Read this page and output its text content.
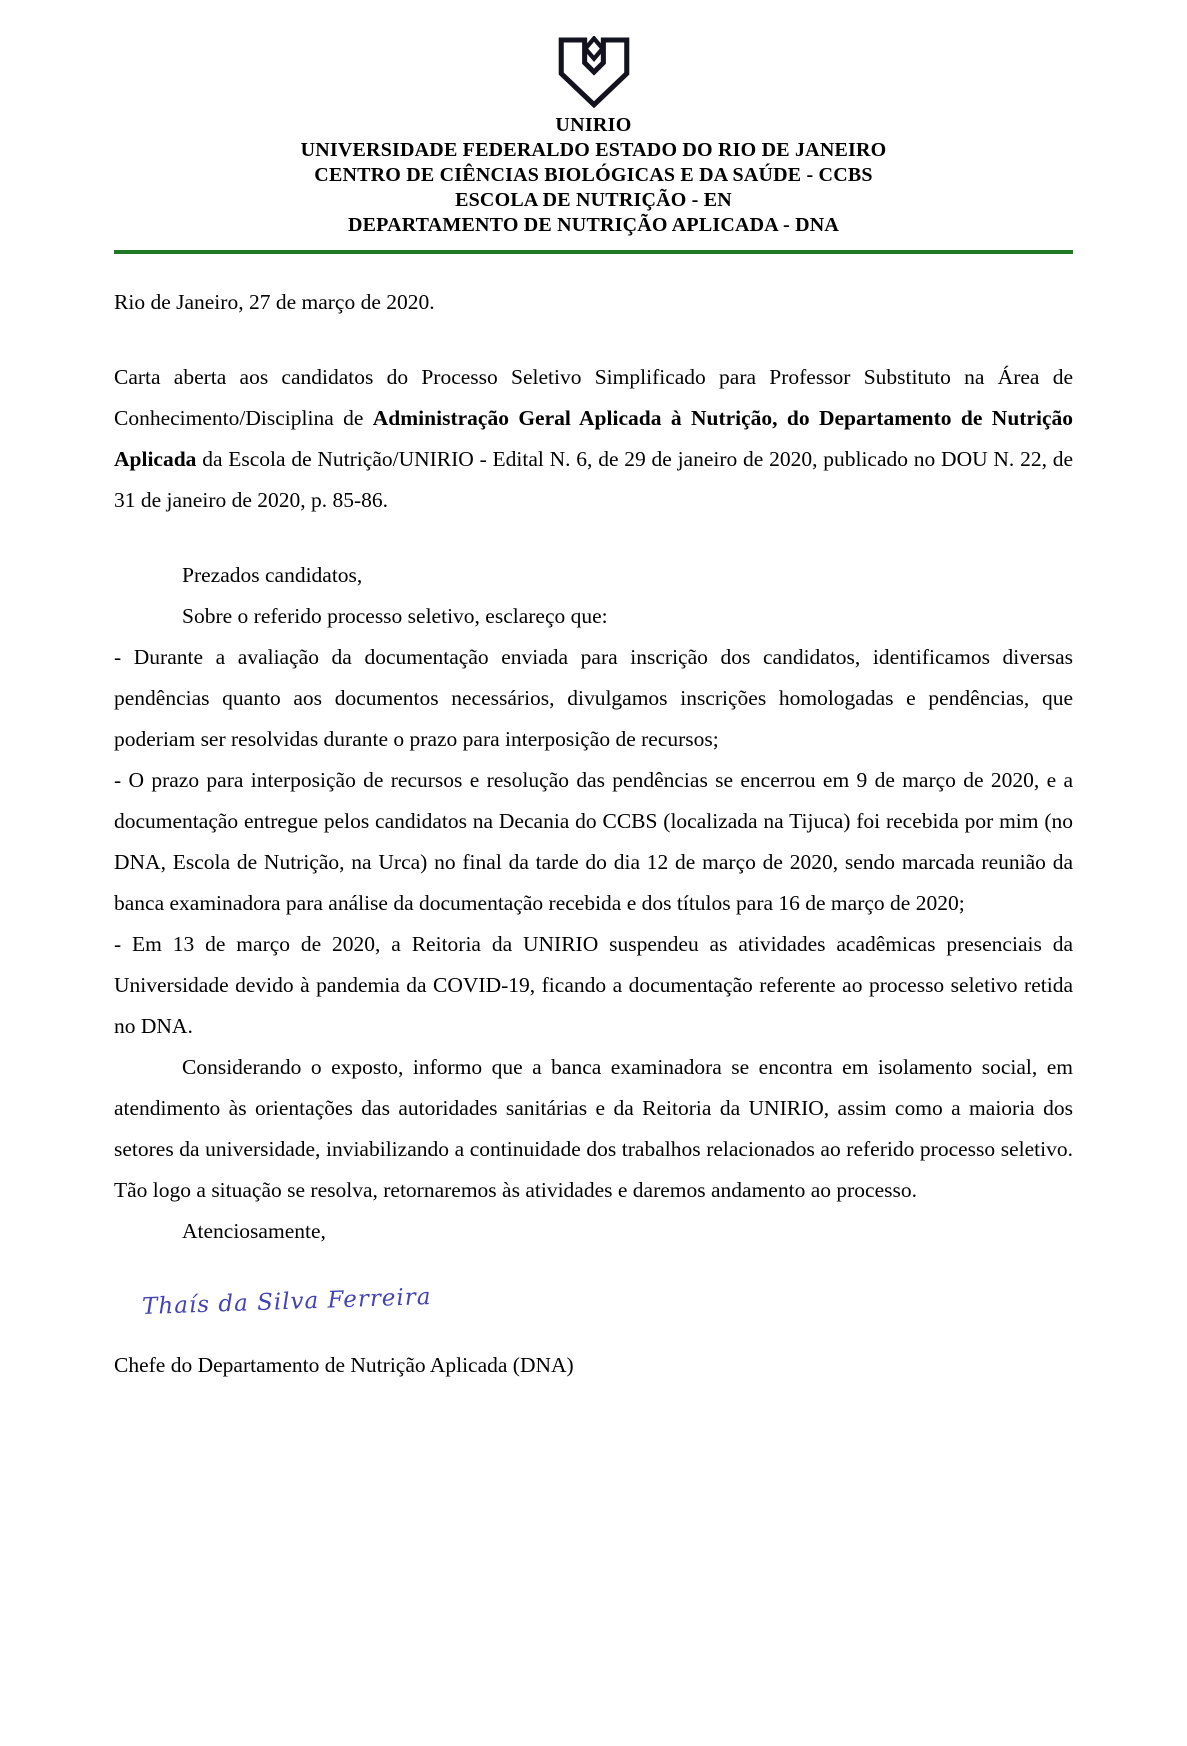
UNIRIO
UNIVERSIDADE FEDERALDO ESTADO DO RIO DE JANEIRO
CENTRO DE CIÊNCIAS BIOLÓGICAS E DA SAÚDE - CCBS
ESCOLA DE NUTRIÇÃO - EN
DEPARTAMENTO DE NUTRIÇÃO APLICADA - DNA

Rio de Janeiro, 27 de março de 2020.

Carta aberta aos candidatos do Processo Seletivo Simplificado para Professor Substituto na Área de Conhecimento/Disciplina de Administração Geral Aplicada à Nutrição, do Departamento de Nutrição Aplicada da Escola de Nutrição/UNIRIO - Edital N. 6, de 29 de janeiro de 2020, publicado no DOU N. 22, de 31 de janeiro de 2020, p. 85-86.

Prezados candidatos,

Sobre o referido processo seletivo, esclareço que:

- Durante a avaliação da documentação enviada para inscrição dos candidatos, identificamos diversas pendências quanto aos documentos necessários, divulgamos inscrições homologadas e pendências, que poderiam ser resolvidas durante o prazo para interposição de recursos;

- O prazo para interposição de recursos e resolução das pendências se encerrou em 9 de março de 2020, e a documentação entregue pelos candidatos na Decania do CCBS (localizada na Tijuca) foi recebida por mim (no DNA, Escola de Nutrição, na Urca) no final da tarde do dia 12 de março de 2020, sendo marcada reunião da banca examinadora para análise da documentação recebida e dos títulos para 16 de março de 2020;

- Em 13 de março de 2020, a Reitoria da UNIRIO suspendeu as atividades acadêmicas presenciais da Universidade devido à pandemia da COVID-19, ficando a documentação referente ao processo seletivo retida no DNA.

Considerando o exposto, informo que a banca examinadora se encontra em isolamento social, em atendimento às orientações das autoridades sanitárias e da Reitoria da UNIRIO, assim como a maioria dos setores da universidade, inviabilizando a continuidade dos trabalhos relacionados ao referido processo seletivo. Tão logo a situação se resolva, retornaremos às atividades e daremos andamento ao processo.

Atenciosamente,

Thaís da Silva Ferreira

Chefe do Departamento de Nutrição Aplicada (DNA)
